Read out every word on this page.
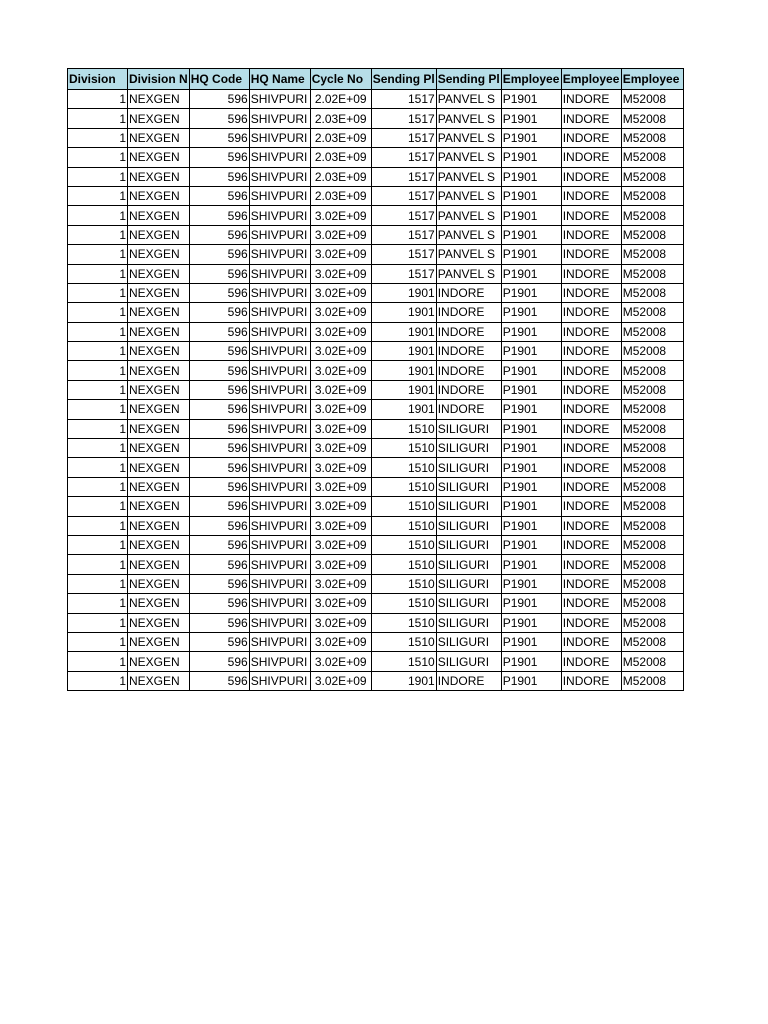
Division	Division N	HQ Code	HQ Name	Cycle No	Sending Pl	Sending Pl	Employee	Employee	Employee
1	NEXGEN	596	SHIVPURI	2.02E+09	1517	PANVEL S	P1901	INDORE	M52008
1	NEXGEN	596	SHIVPURI	2.03E+09	1517	PANVEL S	P1901	INDORE	M52008
1	NEXGEN	596	SHIVPURI	2.03E+09	1517	PANVEL S	P1901	INDORE	M52008
1	NEXGEN	596	SHIVPURI	2.03E+09	1517	PANVEL S	P1901	INDORE	M52008
1	NEXGEN	596	SHIVPURI	2.03E+09	1517	PANVEL S	P1901	INDORE	M52008
1	NEXGEN	596	SHIVPURI	2.03E+09	1517	PANVEL S	P1901	INDORE	M52008
1	NEXGEN	596	SHIVPURI	3.02E+09	1517	PANVEL S	P1901	INDORE	M52008
1	NEXGEN	596	SHIVPURI	3.02E+09	1517	PANVEL S	P1901	INDORE	M52008
1	NEXGEN	596	SHIVPURI	3.02E+09	1517	PANVEL S	P1901	INDORE	M52008
1	NEXGEN	596	SHIVPURI	3.02E+09	1517	PANVEL S	P1901	INDORE	M52008
1	NEXGEN	596	SHIVPURI	3.02E+09	1901	INDORE	P1901	INDORE	M52008
1	NEXGEN	596	SHIVPURI	3.02E+09	1901	INDORE	P1901	INDORE	M52008
1	NEXGEN	596	SHIVPURI	3.02E+09	1901	INDORE	P1901	INDORE	M52008
1	NEXGEN	596	SHIVPURI	3.02E+09	1901	INDORE	P1901	INDORE	M52008
1	NEXGEN	596	SHIVPURI	3.02E+09	1901	INDORE	P1901	INDORE	M52008
1	NEXGEN	596	SHIVPURI	3.02E+09	1901	INDORE	P1901	INDORE	M52008
1	NEXGEN	596	SHIVPURI	3.02E+09	1901	INDORE	P1901	INDORE	M52008
1	NEXGEN	596	SHIVPURI	3.02E+09	1510	SILIGURI	P1901	INDORE	M52008
1	NEXGEN	596	SHIVPURI	3.02E+09	1510	SILIGURI	P1901	INDORE	M52008
1	NEXGEN	596	SHIVPURI	3.02E+09	1510	SILIGURI	P1901	INDORE	M52008
1	NEXGEN	596	SHIVPURI	3.02E+09	1510	SILIGURI	P1901	INDORE	M52008
1	NEXGEN	596	SHIVPURI	3.02E+09	1510	SILIGURI	P1901	INDORE	M52008
1	NEXGEN	596	SHIVPURI	3.02E+09	1510	SILIGURI	P1901	INDORE	M52008
1	NEXGEN	596	SHIVPURI	3.02E+09	1510	SILIGURI	P1901	INDORE	M52008
1	NEXGEN	596	SHIVPURI	3.02E+09	1510	SILIGURI	P1901	INDORE	M52008
1	NEXGEN	596	SHIVPURI	3.02E+09	1510	SILIGURI	P1901	INDORE	M52008
1	NEXGEN	596	SHIVPURI	3.02E+09	1510	SILIGURI	P1901	INDORE	M52008
1	NEXGEN	596	SHIVPURI	3.02E+09	1510	SILIGURI	P1901	INDORE	M52008
1	NEXGEN	596	SHIVPURI	3.02E+09	1510	SILIGURI	P1901	INDORE	M52008
1	NEXGEN	596	SHIVPURI	3.02E+09	1510	SILIGURI	P1901	INDORE	M52008
1	NEXGEN	596	SHIVPURI	3.02E+09	1901	INDORE	P1901	INDORE	M52008
